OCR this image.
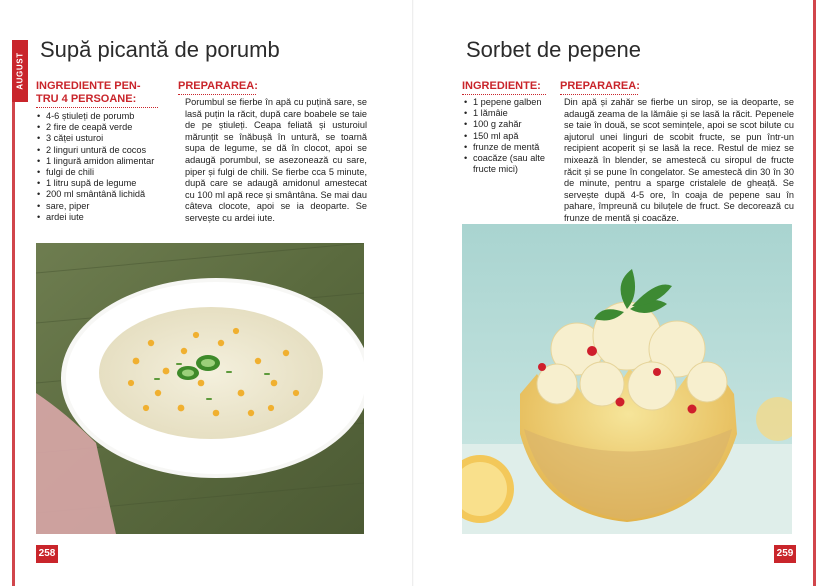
AUGUST
Supă picantă de porumb
INGREDIENTE PEN-
TRU 4 PERSOANE:
• 4-6 știuleți de porumb
• 2 fire de ceapă verde
• 3 căței usturoi
• 2 linguri untură de cocos
• 1 lingură amidon alimentar
• fulgi de chili
• 1 litru supă de legume
• 200 ml smântână lichidă
• sare, piper
• ardei iute
PREPARAREA:
Porumbul se fierbe în apă cu puțină sare, se lasă puțin la răcit, după care boabele se taie de pe știuleți. Ceapa feliată și usturoiul mărunțit se înăbușă în untură, se toarnă supa de legume, se dă în clocot, apoi se adaugă porumbul, se asezonează cu sare, piper și fulgi de chili. Se fierbe cca 5 minute, după care se adaugă amidonul amestecat cu 100 ml apă rece și smântâna. Se mai dau câteva clocote, apoi se ia deoparte. Se servește cu ardei iute.
258
Sorbet de pepene
INGREDIENTE:
• 1 pepene galben
• 1 lămâie
• 100 g zahăr
• 150 ml apă
• frunze de mentă
• coacăze (sau alte fructe mici)
PREPARAREA:
Din apă și zahăr se fierbe un sirop, se ia deoparte, se adaugă zeama de la lămâie și se lasă la răcit. Pepenele se taie în două, se scot semințele, apoi se scot bilute cu ajutorul unei linguri de scobit fructe, se pun într-un recipient acoperit și se lasă la rece. Restul de miez se mixează în blender, se amestecă cu siropul de fructe răcit și se pune în congelator. Se amestecă din 30 în 30 de minute, pentru a sparge cristalele de gheață. Se servește după 4-5 ore, în coaja de pepene sau în pahare, împreună cu biluțele de fruct. Se decorează cu frunze de mentă și coacăze.
259
